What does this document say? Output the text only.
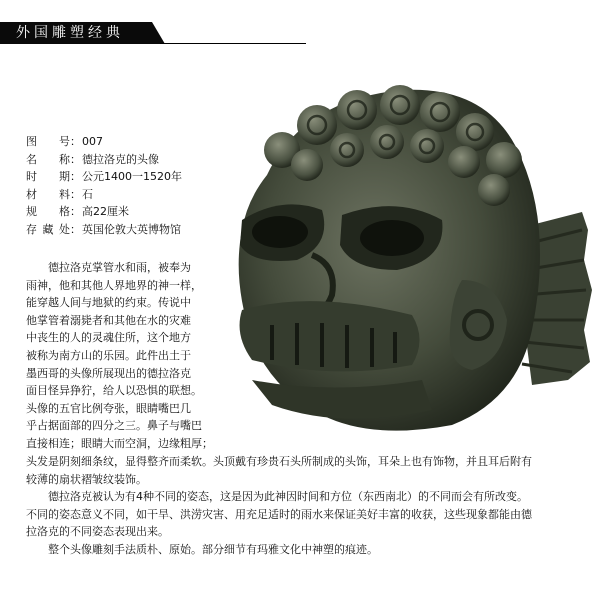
外国雕塑经典
图号 ： 007
名称 ： 德拉洛克的头像
时期 ： 公元1400一1520年
材料 ： 石
规格 ： 高22厘米
存藏处 ： 英国伦敦大英博物馆
德拉洛克掌管水和雨，被奉为
雨神，他和其他人界地界的神一样，
能穿越人间与地狱的约束。传说中
他掌管着溺毙者和其他在水的灾难
中丧生的人的灵魂住所，这个地方
被称为南方山的乐园。此件出土于
墨西哥的头像所展现出的德拉洛克
面目怪异狰狞，给人以恐惧的联想。
头像的五官比例夸张，眼睛嘴巴几
乎占据面部的四分之三。鼻子与嘴巴
直接相连；眼睛大而空洞，边缘粗厚；
头发是阴刻细条纹，显得整齐而柔软。头顶戴有珍贵石头所制成的头饰，耳朵上也有饰物，并且耳后附有
较薄的扇状褶皱纹装饰。
德拉洛克被认为有4种不同的姿态，这是因为此神因时间和方位（东西南北）的不同而会有所改变。
不同的姿态意义不同，如干旱、洪涝灾害、用充足适时的雨水来保证美好丰富的收获，这些现象都能由德
拉洛克的不同姿态表现出来。
整个头像雕刻手法质朴、原始。部分细节有玛雅文化中神塑的痕迹。
